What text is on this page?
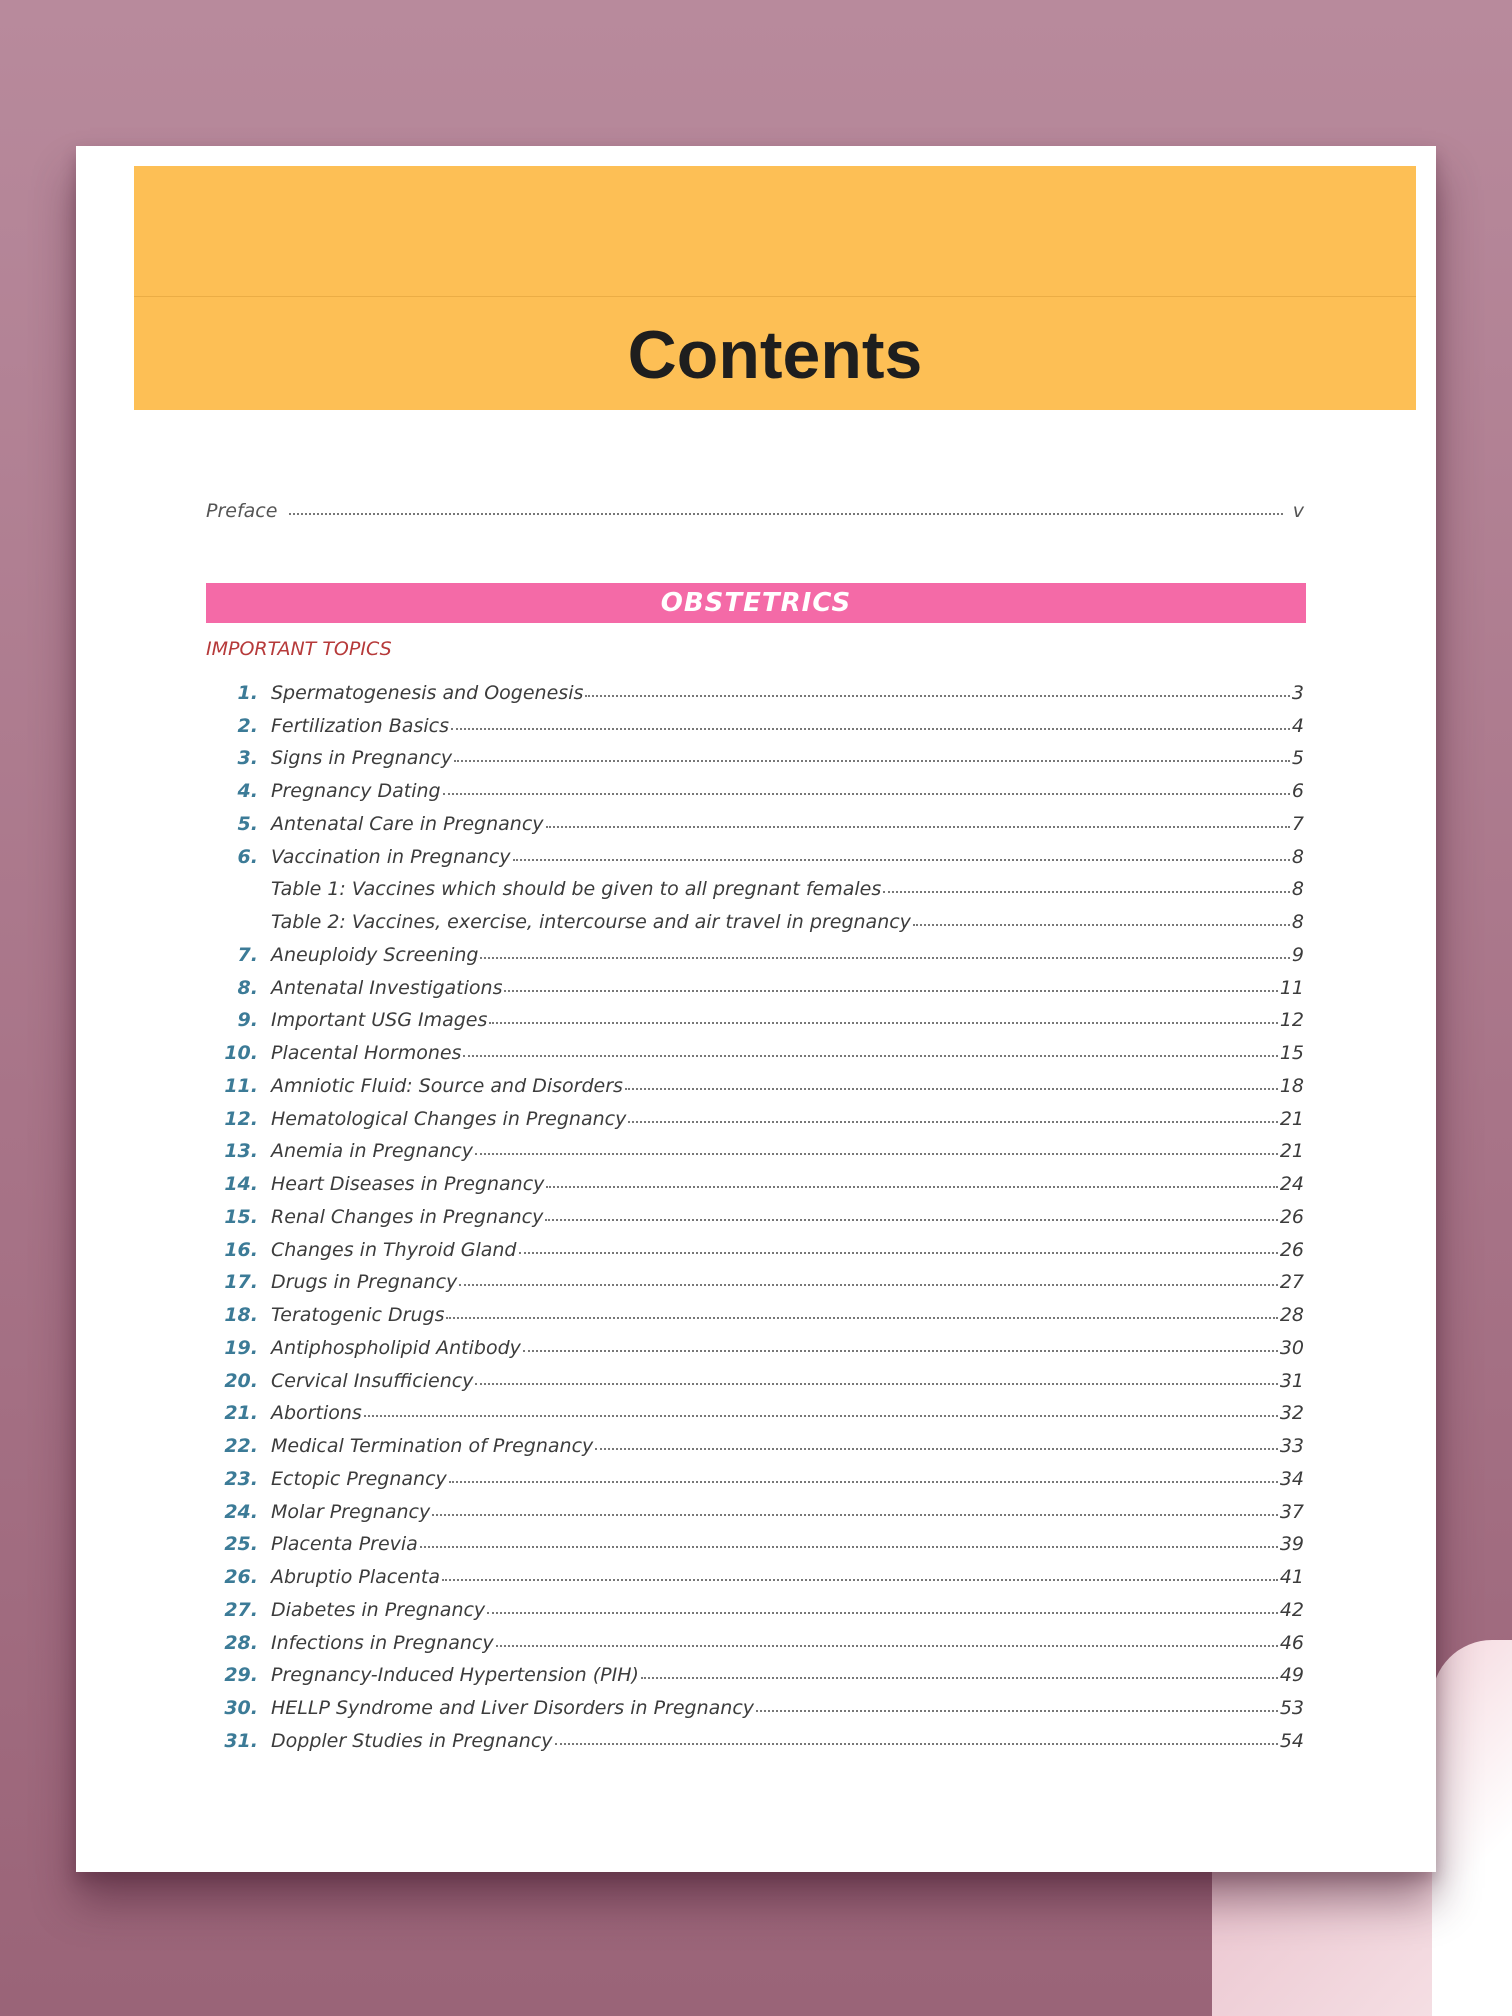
Contents
Preface	v
OBSTETRICS
IMPORTANT TOPICS
1. Spermatogenesis and Oogenesis	3
2. Fertilization Basics	4
3. Signs in Pregnancy	5
4. Pregnancy Dating	6
5. Antenatal Care in Pregnancy	7
6. Vaccination in Pregnancy	8
Table 1: Vaccines which should be given to all pregnant females	8
Table 2: Vaccines, exercise, intercourse and air travel in pregnancy	8
7. Aneuploidy Screening	9
8. Antenatal Investigations	11
9. Important USG Images	12
10. Placental Hormones	15
11. Amniotic Fluid: Source and Disorders	18
12. Hematological Changes in Pregnancy	21
13. Anemia in Pregnancy	21
14. Heart Diseases in Pregnancy	24
15. Renal Changes in Pregnancy	26
16. Changes in Thyroid Gland	26
17. Drugs in Pregnancy	27
18. Teratogenic Drugs	28
19. Antiphospholipid Antibody	30
20. Cervical Insufficiency	31
21. Abortions	32
22. Medical Termination of Pregnancy	33
23. Ectopic Pregnancy	34
24. Molar Pregnancy	37
25. Placenta Previa	39
26. Abruptio Placenta	41
27. Diabetes in Pregnancy	42
28. Infections in Pregnancy	46
29. Pregnancy-Induced Hypertension (PIH)	49
30. HELLP Syndrome and Liver Disorders in Pregnancy	53
31. Doppler Studies in Pregnancy	54
